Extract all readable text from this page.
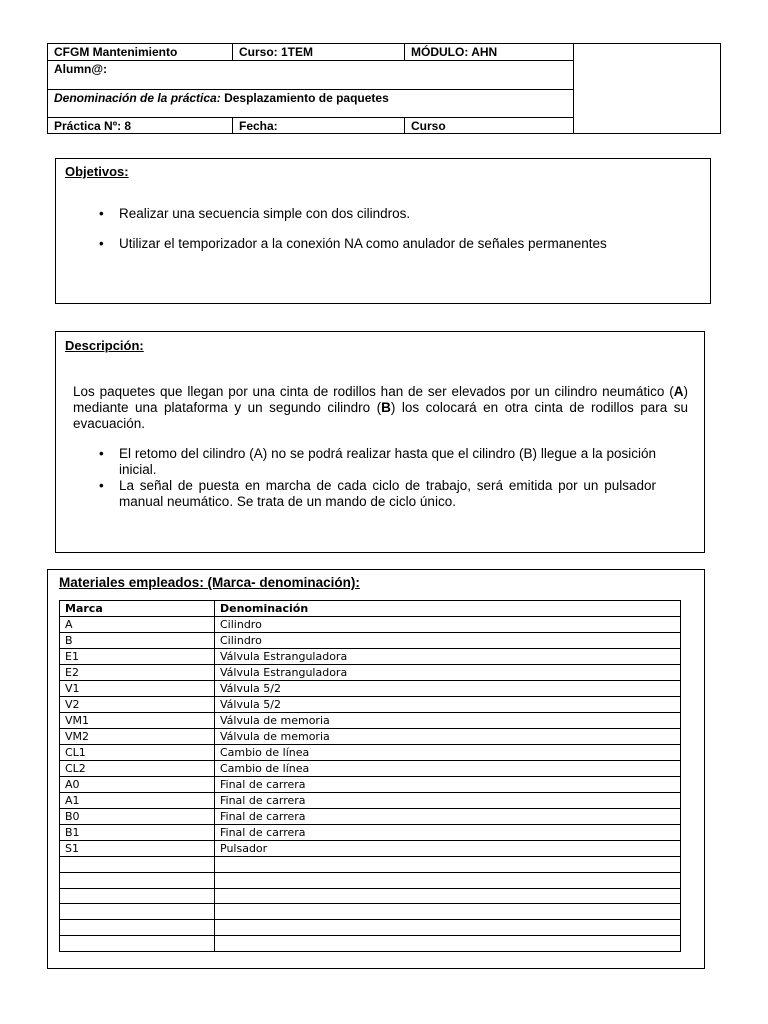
CFGM Mantenimiento	Curso: 1TEM	MÓDULO: AHN
Alumn@:
Denominación de la práctica: Desplazamiento de paquetes
Práctica Nº: 8	Fecha:	Curso
Objetivos:
• Realizar una secuencia simple con dos cilindros.
• Utilizar el temporizador a la conexión NA como anulador de señales permanentes
Descripción:
Los paquetes que llegan por una cinta de rodillos han de ser elevados por un cilindro neumático (A) mediante una plataforma y un segundo cilindro (B) los colocará en otra cinta de rodillos para su evacuación.
• El retomo del cilindro (A) no se podrá realizar hasta que el cilindro (B) llegue a la posición inicial.
• La señal de puesta en marcha de cada ciclo de trabajo, será emitida por un pulsador manual neumático. Se trata de un mando de ciclo único.
Materiales empleados: (Marca- denominación):
Marca	Denominación
A	Cilindro
B	Cilindro
E1	Válvula Estranguladora
E2	Válvula Estranguladora
V1	Válvula 5/2
V2	Válvula 5/2
VM1	Válvula de memoria
VM2	Válvula de memoria
CL1	Cambio de línea
CL2	Cambio de línea
A0	Final de carrera
A1	Final de carrera
B0	Final de carrera
B1	Final de carrera
S1	Pulsador
